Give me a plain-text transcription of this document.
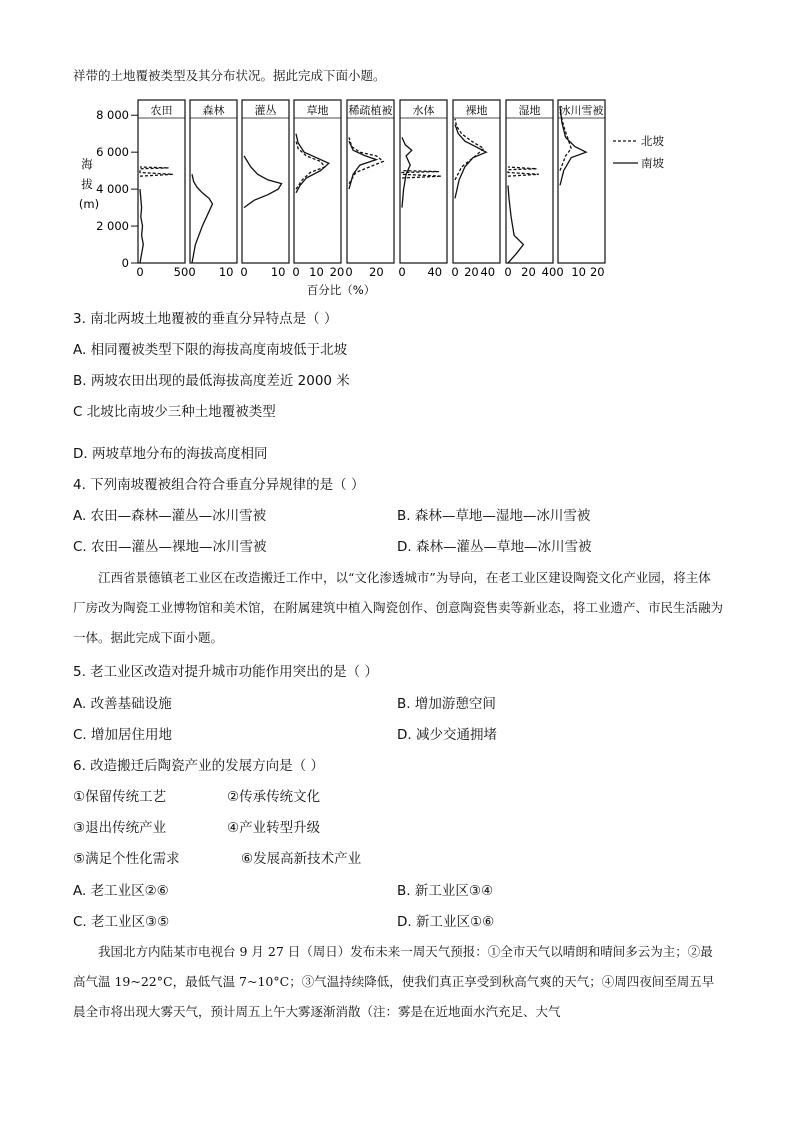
祥带的土地覆被类型及其分布状况。据此完成下面小题。
8 000
6 000
4 000
2 000
0
海
拔
(m)
农田
0	50
森林
0 10
灌丛
0 10
草地
0 10 20
稀疏植被
0 20
水体
0 40
裸地
0 20 40
湿地
0 20 40
冰川雪被
0 10 20
北坡
南坡
百分比（%）
3. 南北两坡土地覆被的垂直分异特点是（ ）
A. 相同覆被类型下限的海拔高度南坡低于北坡
B. 两坡农田出现的最低海拔高度差近 2000 米
C 北坡比南坡少三种土地覆被类型
D. 两坡草地分布的海拔高度相同
4. 下列南坡覆被组合符合垂直分异规律的是（ ）
A. 农田—森林—灌丛—冰川雪被	B. 森林—草地—湿地—冰川雪被
C. 农田—灌丛—裸地—冰川雪被	D. 森林—灌丛—草地—冰川雪被
江西省景德镇老工业区在改造搬迁工作中，以“文化渗透城市”为导向，在老工业区建设陶瓷文化产业园，将主体厂房改为陶瓷工业博物馆和美术馆，在附属建筑中植入陶瓷创作、创意陶瓷售卖等新业态，将工业遗产、市民生活融为一体。据此完成下面小题。
5. 老工业区改造对提升城市功能作用突出的是（ ）
A. 改善基础设施	B. 增加游憩空间
C. 增加居住用地	D. 减少交通拥堵
6. 改造搬迁后陶瓷产业的发展方向是（ ）
①保留传统工艺	②传承传统文化
③退出传统产业	④产业转型升级
⑤满足个性化需求	⑥发展高新技术产业
A. 老工业区②⑥	B. 新工业区③④
C. 老工业区③⑤	D. 新工业区①⑥
我国北方内陆某市电视台 9 月 27 日（周日）发布未来一周天气预报：①全市天气以晴朗和晴间多云为主；②最高气温 19~22°C，最低气温 7~10°C；③气温持续降低，使我们真正享受到秋高气爽的天气；④周四夜间至周五早晨全市将出现大雾天气，预计周五上午大雾逐渐消散（注：雾是在近地面水汽充足、大气
